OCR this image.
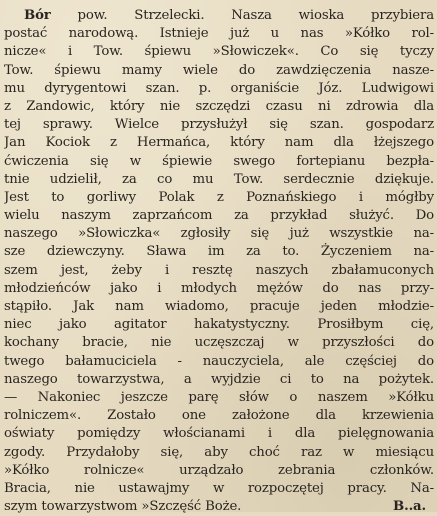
Bór pow. Strzelecki. Nasza wioska przybiera
postać narodową. Istnieje już u nas »Kółko rol-
nicze« i Tow. śpiewu »Słowiczek«. Co się tyczy
Tow. śpiewu mamy wiele do zawdzięczenia nasze-
mu dyrygentowi szan. p. organiście Józ. Ludwigowi
z Zandowic, który nie szczędzi czasu ni zdrowia dla
tej sprawy. Wielce przysłużył się szan. gospodarz
Jan Kociok z Hermańca, który nam dla łżejszego
ćwiczenia się w śpiewie swego fortepianu bezpła-
tnie udzielił, za co mu Tow. serdecznie dziękuje.
Jest to gorliwy Polak z Poznańskiego i mógłby
wielu naszym zaprzańcom za przykład służyć. Do
naszego »Słowiczka« zgłosiły się już wszystkie na-
sze dziewczyny. Sława im za to. Życzeniem na-
szem jest, żeby i resztę naszych zbałamuconych
młodzieńców jako i młodych mężów do nas przy-
stąpiło. Jak nam wiadomo, pracuje jeden młodzie-
niec jako agitator hakatystyczny. Prosiłbym cię,
kochany bracie, nie uczęszczaj w przyszłości do
twego bałamuciciela - nauczyciela, ale częściej do
naszego towarzystwa, a wyjdzie ci to na pożytek.
— Nakoniec jeszcze parę słów o naszem »Kółku
rolniczem«. Zostało one założone dla krzewienia
oświaty pomiędzy włościanami i dla pielęgnowania
zgody. Przydałoby się, aby choć raz w miesiącu
»Kółko rolnicze« urządzało zebrania członków.
Bracia, nie ustawajmy w rozpoczętej pracy. Na-
szym towarzystwom »Szczęść Boże.	B..a.
